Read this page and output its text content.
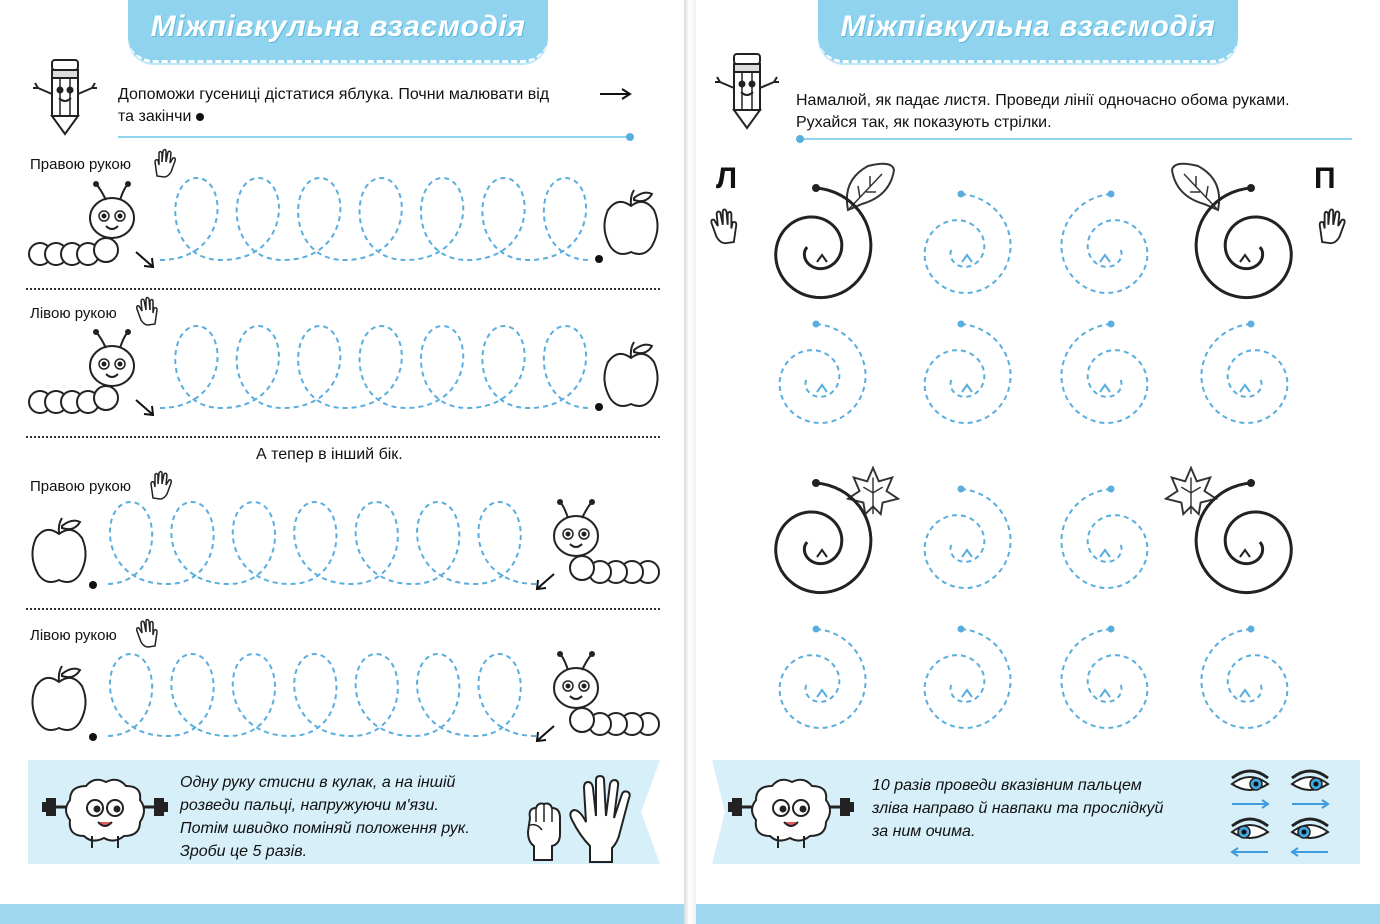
Міжпівкульна взаємодія
Допоможи гусениці дістатися яблука. Почни малювати від
та закінчи
Правою рукою
Лівою рукою
А тепер в інший бік.
Правою рукою
Лівою рукою
Одну руку стисни в кулак, а на іншій
розведи пальці, напружуючи м'язи.
Потім швидко поміняй положення рук.
Зроби це 5 разів.
Міжпівкульна взаємодія
Намалюй, як падає листя. Проведи лінії одночасно обома руками.
Рухайся так, як показують стрілки.
Л	П
10 разів проведи вказівним пальцем
зліва направо й навпаки та прослідкуй
за ним очима.
